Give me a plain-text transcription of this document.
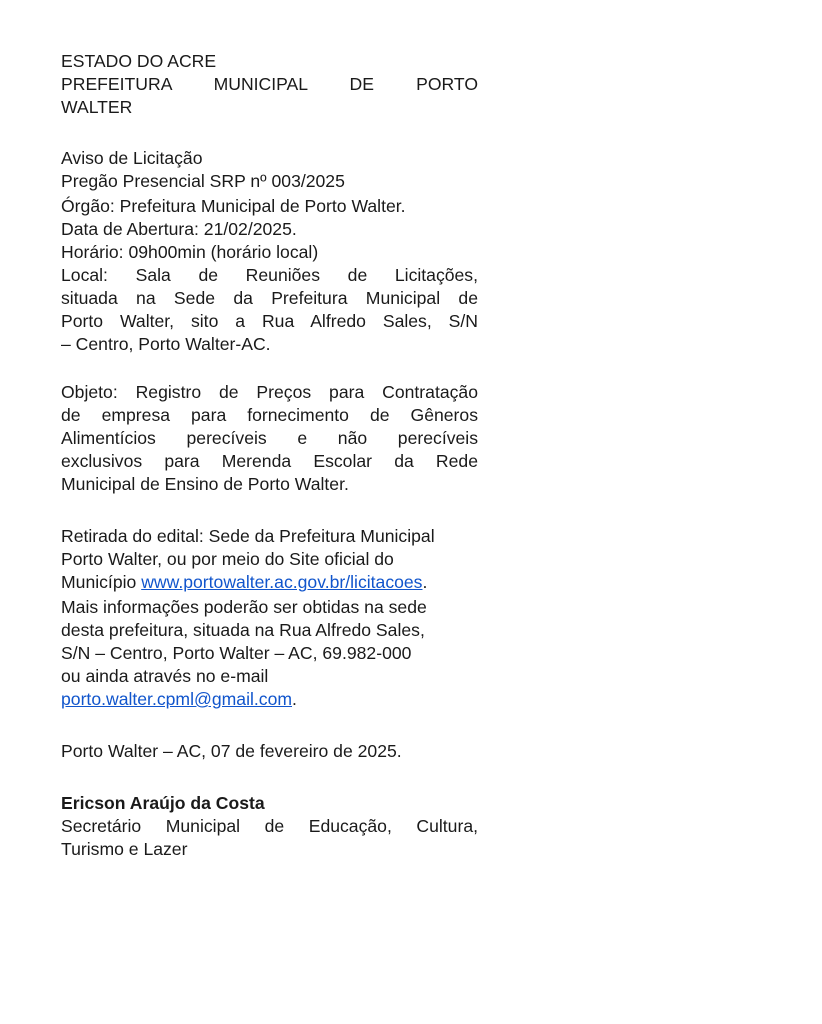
ESTADO DO ACRE
PREFEITURA MUNICIPAL DE PORTO
WALTER
Aviso de Licitação
Pregão Presencial SRP nº 003/2025
Órgão: Prefeitura Municipal de Porto Walter.
Data de Abertura: 21/02/2025.
Horário: 09h00min (horário local)
Local: Sala de Reuniões de Licitações,
situada na Sede da Prefeitura Municipal de
Porto Walter, sito a Rua Alfredo Sales, S/N
– Centro, Porto Walter-AC.
Objeto: Registro de Preços para Contratação
de empresa para fornecimento de Gêneros
Alimentícios perecíveis e não perecíveis
exclusivos para Merenda Escolar da Rede
Municipal de Ensino de Porto Walter.
Retirada do edital: Sede da Prefeitura Municipal
Porto Walter, ou por meio do Site oficial do
Município www.portowalter.ac.gov.br/licitacoes.
Mais informações poderão ser obtidas na sede
desta prefeitura, situada na Rua Alfredo Sales,
S/N – Centro, Porto Walter – AC, 69.982-000
ou ainda através no e-mail
porto.walter.cpml@gmail.com.
Porto Walter – AC, 07 de fevereiro de 2025.
Ericson Araújo da Costa
Secretário Municipal de Educação, Cultura,
Turismo e Lazer
